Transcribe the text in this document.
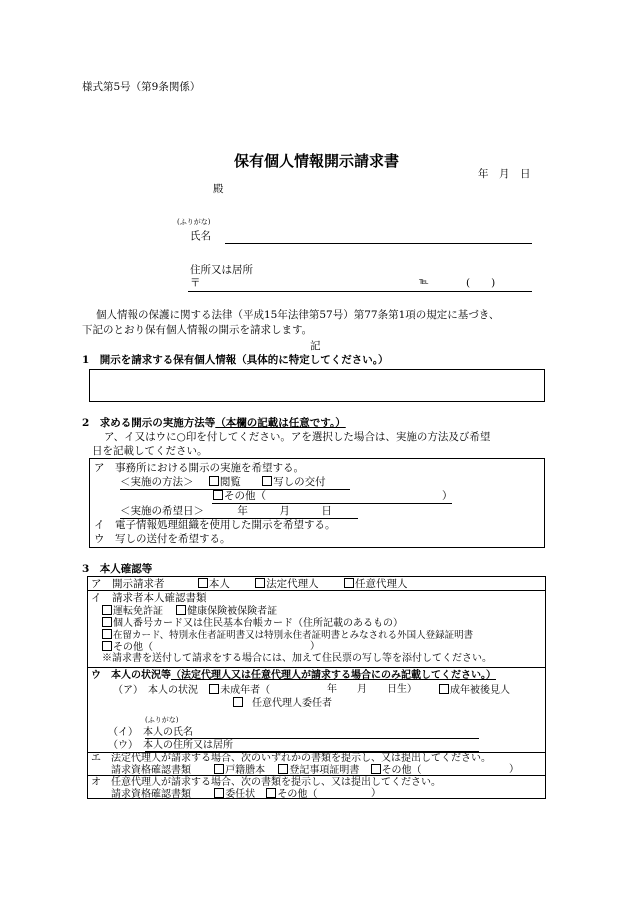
様式第5号（第9条関係）
保有個人情報開示請求書
年　月　日
殿
(ふりがな)
氏名
住所又は居所
〒	℡	(　　)
個人情報の保護に関する法律（平成15年法律第57号）第77条第1項の規定に基づき、
下記のとおり保有個人情報の開示を請求します。
記
1　開示を請求する保有個人情報（具体的に特定してください。）
2　求める開示の実施方法等（本欄の記載は任意です。）
ア、イ又はウに○印を付してください。アを選択した場合は、実施の方法及び希望
日を記載してください。
ア　事務所における開示の実施を希望する。
＜実施の方法＞	閲覧	写しの交付
その他（	）
＜実施の希望日＞	年　　　月　　　日
イ　電子情報処理組織を使用した開示を希望する。
ウ　写しの送付を希望する。
3　本人確認等
ア　開示請求者	本人	法定代理人	任意代理人
イ　請求者本人確認書類
運転免許証 健康保険被保険者証
個人番号カード又は住民基本台帳カード（住所記載のあるもの）
在留カード、特別永住者証明書又は特別永住者証明書とみなされる外国人登録証明書
その他（	）
※請求書を送付して請求をする場合には、加えて住民票の写し等を添付してください。
ウ　本人の状況等（法定代理人又は任意代理人が請求する場合にのみ記載してください。）
（ア）　本人の状況 未成年者（	年　　月　　日生）	成年被後見人
任意代理人委任者
(ふりがな)
（イ）　本人の氏名
（ウ）　本人の住所又は居所
エ　法定代理人が請求する場合、次のいずれかの書類を提示し、又は提出してください。
請求資格確認書類	戸籍謄本 登記事項証明書 その他（	）
オ　任意代理人が請求する場合、次の書類を提示し、又は提出してください。
請求資格確認書類	委任状 その他（	）
